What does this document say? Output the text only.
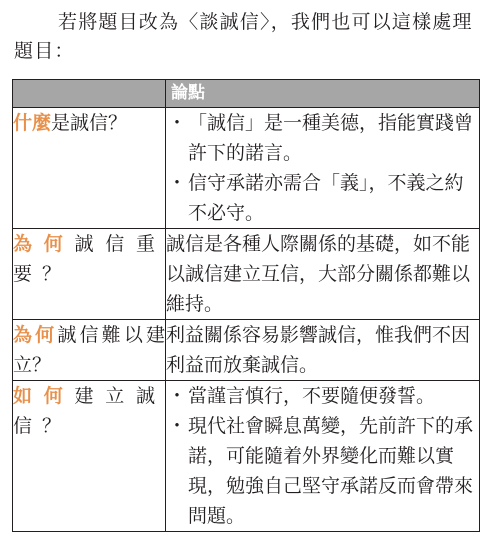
若將題目改為〈談誠信〉，我們也可以這樣處理題目：

	論點
什麼是誠信？	・ 「誠信」是一種美德，指能實踐曾許下的諾言。
・ 信守承諾亦需合「義」，不義之約不必守。

為何誠信重要？	誠信是各種人際關係的基礎，如不能以誠信建立互信，大部分關係都難以維持。

為何誠信難以建立？	利益關係容易影響誠信，惟我們不因利益而放棄誠信。

如何建立誠信？	・ 當謹言慎行，不要隨便發誓。
・ 現代社會瞬息萬變，先前許下的承諾，可能隨着外界變化而難以實現，勉強自己堅守承諾反而會帶來問題。
